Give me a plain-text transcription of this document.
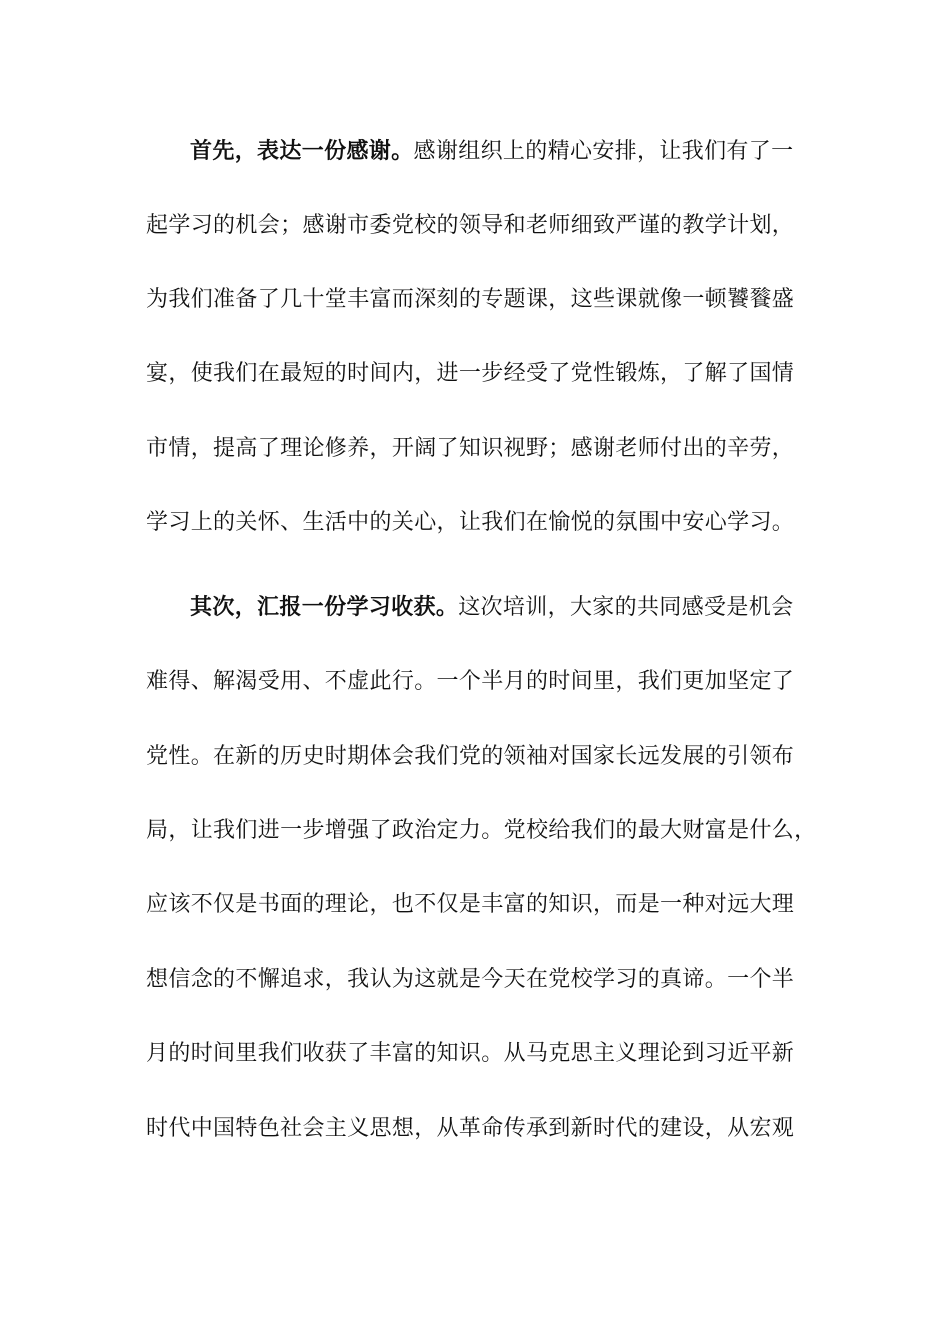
首先，表达一份感谢。感谢组织上的精心安排，让我们有了一
起学习的机会；感谢市委党校的领导和老师细致严谨的教学计划，
为我们准备了几十堂丰富而深刻的专题课，这些课就像一顿饕餮盛
宴，使我们在最短的时间内，进一步经受了党性锻炼，了解了国情
市情，提高了理论修养，开阔了知识视野；感谢老师付出的辛劳，
学习上的关怀、生活中的关心，让我们在愉悦的氛围中安心学习。
其次，汇报一份学习收获。这次培训，大家的共同感受是机会
难得、解渴受用、不虚此行。一个半月的时间里，我们更加坚定了
党性。在新的历史时期体会我们党的领袖对国家长远发展的引领布
局，让我们进一步增强了政治定力。党校给我们的最大财富是什么，
应该不仅是书面的理论，也不仅是丰富的知识，而是一种对远大理
想信念的不懈追求，我认为这就是今天在党校学习的真谛。一个半
月的时间里我们收获了丰富的知识。从马克思主义理论到习近平新
时代中国特色社会主义思想，从革命传承到新时代的建设，从宏观
